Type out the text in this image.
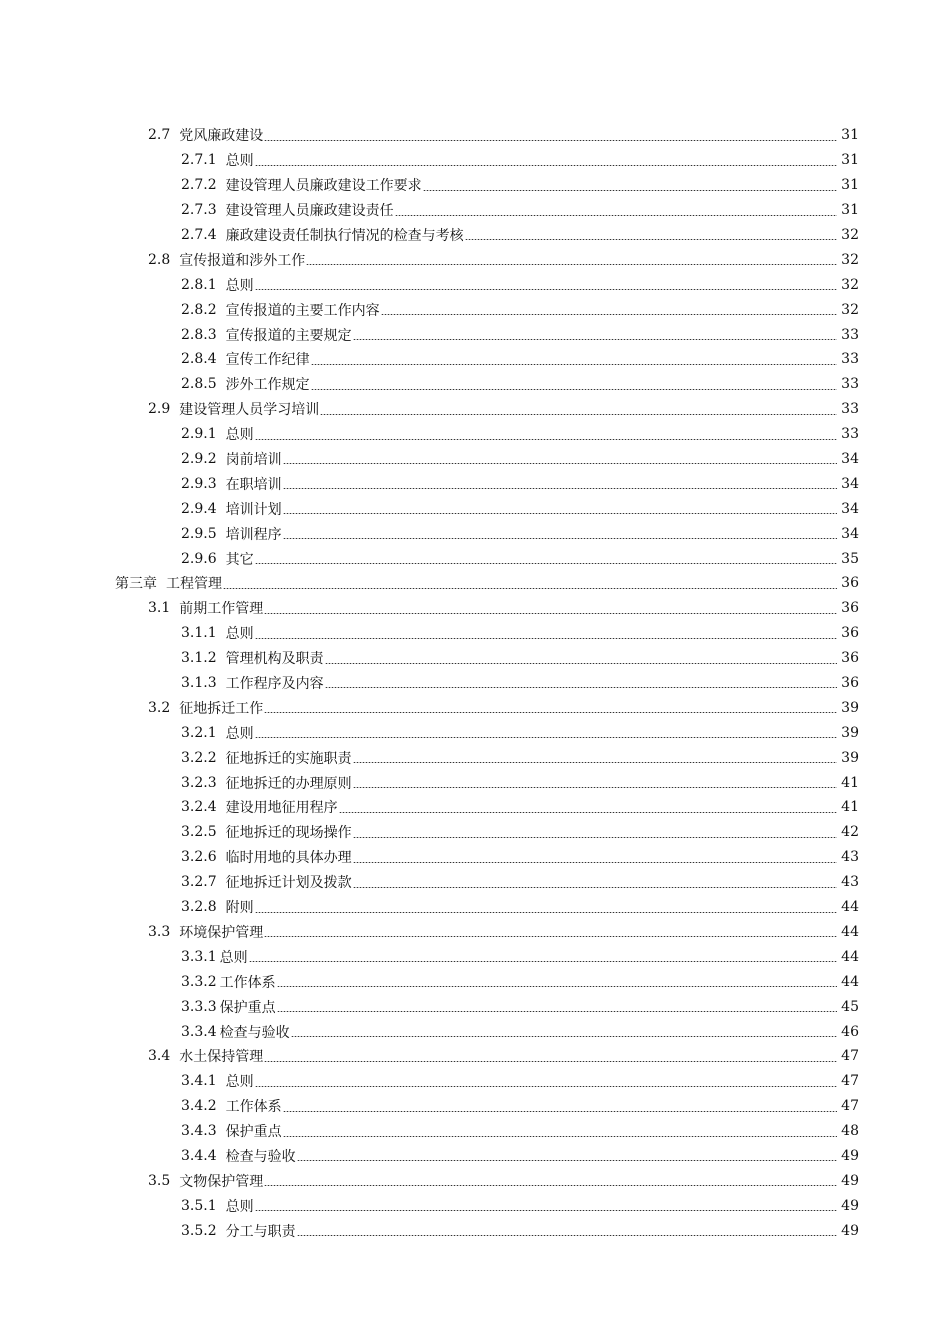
2.7 党风廉政建设	31
2.7.1 总则	31
2.7.2 建设管理人员廉政建设工作要求	31
2.7.3 建设管理人员廉政建设责任	31
2.7.4 廉政建设责任制执行情况的检查与考核	32
2.8 宣传报道和涉外工作	32
2.8.1 总则	32
2.8.2 宣传报道的主要工作内容	32
2.8.3 宣传报道的主要规定	33
2.8.4 宣传工作纪律	33
2.8.5 涉外工作规定	33
2.9 建设管理人员学习培训	33
2.9.1 总则	33
2.9.2 岗前培训	34
2.9.3 在职培训	34
2.9.4 培训计划	34
2.9.5 培训程序	34
2.9.6 其它	35
第三章 工程管理	36
3.1 前期工作管理	36
3.1.1 总则	36
3.1.2 管理机构及职责	36
3.1.3 工作程序及内容	36
3.2 征地拆迁工作	39
3.2.1 总则	39
3.2.2 征地拆迁的实施职责	39
3.2.3 征地拆迁的办理原则	41
3.2.4 建设用地征用程序	41
3.2.5 征地拆迁的现场操作	42
3.2.6 临时用地的具体办理	43
3.2.7 征地拆迁计划及拨款	43
3.2.8 附则	44
3.3 环境保护管理	44
3.3.1 总则	44
3.3.2 工作体系	44
3.3.3 保护重点	45
3.3.4 检查与验收	46
3.4 水土保持管理	47
3.4.1 总则	47
3.4.2 工作体系	47
3.4.3 保护重点	48
3.4.4 检查与验收	49
3.5 文物保护管理	49
3.5.1 总则	49
3.5.2 分工与职责	49
